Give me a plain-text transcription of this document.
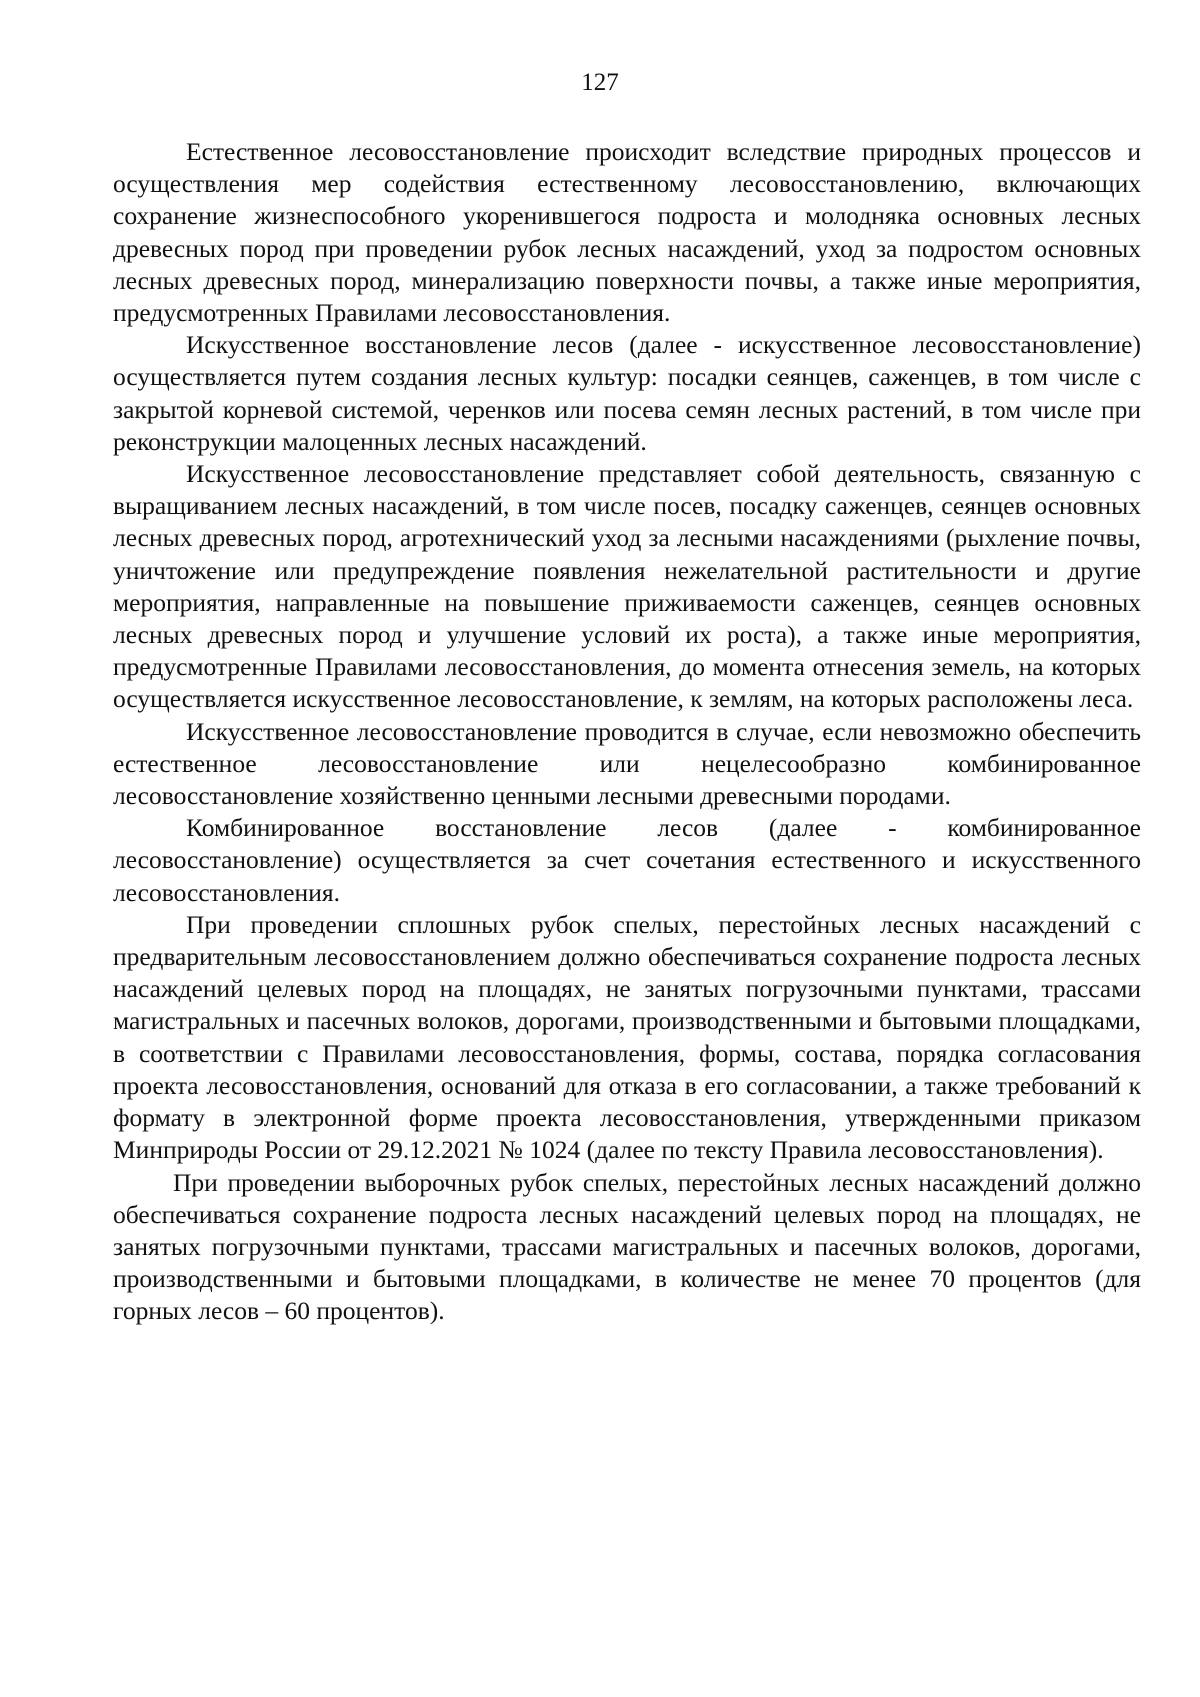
127

Естественное лесовосстановление происходит вследствие природных процессов и осуществления мер содействия естественному лесовосстановлению, включающих сохранение жизнеспособного укоренившегося подроста и молодняка основных лесных древесных пород при проведении рубок лесных насаждений, уход за подростом основных лесных древесных пород, минерализацию поверхности почвы, а также иные мероприятия, предусмотренных Правилами лесовосстановления.

Искусственное восстановление лесов (далее - искусственное лесовосстановление) осуществляется путем создания лесных культур: посадки сеянцев, саженцев, в том числе с закрытой корневой системой, черенков или посева семян лесных растений, в том числе при реконструкции малоценных лесных насаждений.

Искусственное лесовосстановление представляет собой деятельность, связанную с выращиванием лесных насаждений, в том числе посев, посадку саженцев, сеянцев основных лесных древесных пород, агротехнический уход за лесными насаждениями (рыхление почвы, уничтожение или предупреждение появления нежелательной растительности и другие мероприятия, направленные на повышение приживаемости саженцев, сеянцев основных лесных древесных пород и улучшение условий их роста), а также иные мероприятия, предусмотренные Правилами лесовосстановления, до момента отнесения земель, на которых осуществляется искусственное лесовосстановление, к землям, на которых расположены леса.

Искусственное лесовосстановление проводится в случае, если невозможно обеспечить естественное лесовосстановление или нецелесообразно комбинированное лесовосстановление хозяйственно ценными лесными древесными породами.

Комбинированное восстановление лесов (далее - комбинированное лесовосстановление) осуществляется за счет сочетания естественного и искусственного лесовосстановления.

При проведении сплошных рубок спелых, перестойных лесных насаждений с предварительным лесовосстановлением должно обеспечиваться сохранение подроста лесных насаждений целевых пород на площадях, не занятых погрузочными пунктами, трассами магистральных и пасечных волоков, дорогами, производственными и бытовыми площадками, в соответствии с Правилами лесовосстановления, формы, состава, порядка согласования проекта лесовосстановления, оснований для отказа в его согласовании, а также требований к формату в электронной форме проекта лесовосстановления, утвержденными приказом Минприроды России от 29.12.2021 № 1024 (далее по тексту Правила лесовосстановления).

При проведении выборочных рубок спелых, перестойных лесных насаждений должно обеспечиваться сохранение подроста лесных насаждений целевых пород на площадях, не занятых погрузочными пунктами, трассами магистральных и пасечных волоков, дорогами, производственными и бытовыми площадками, в количестве не менее 70 процентов (для горных лесов – 60 процентов).
